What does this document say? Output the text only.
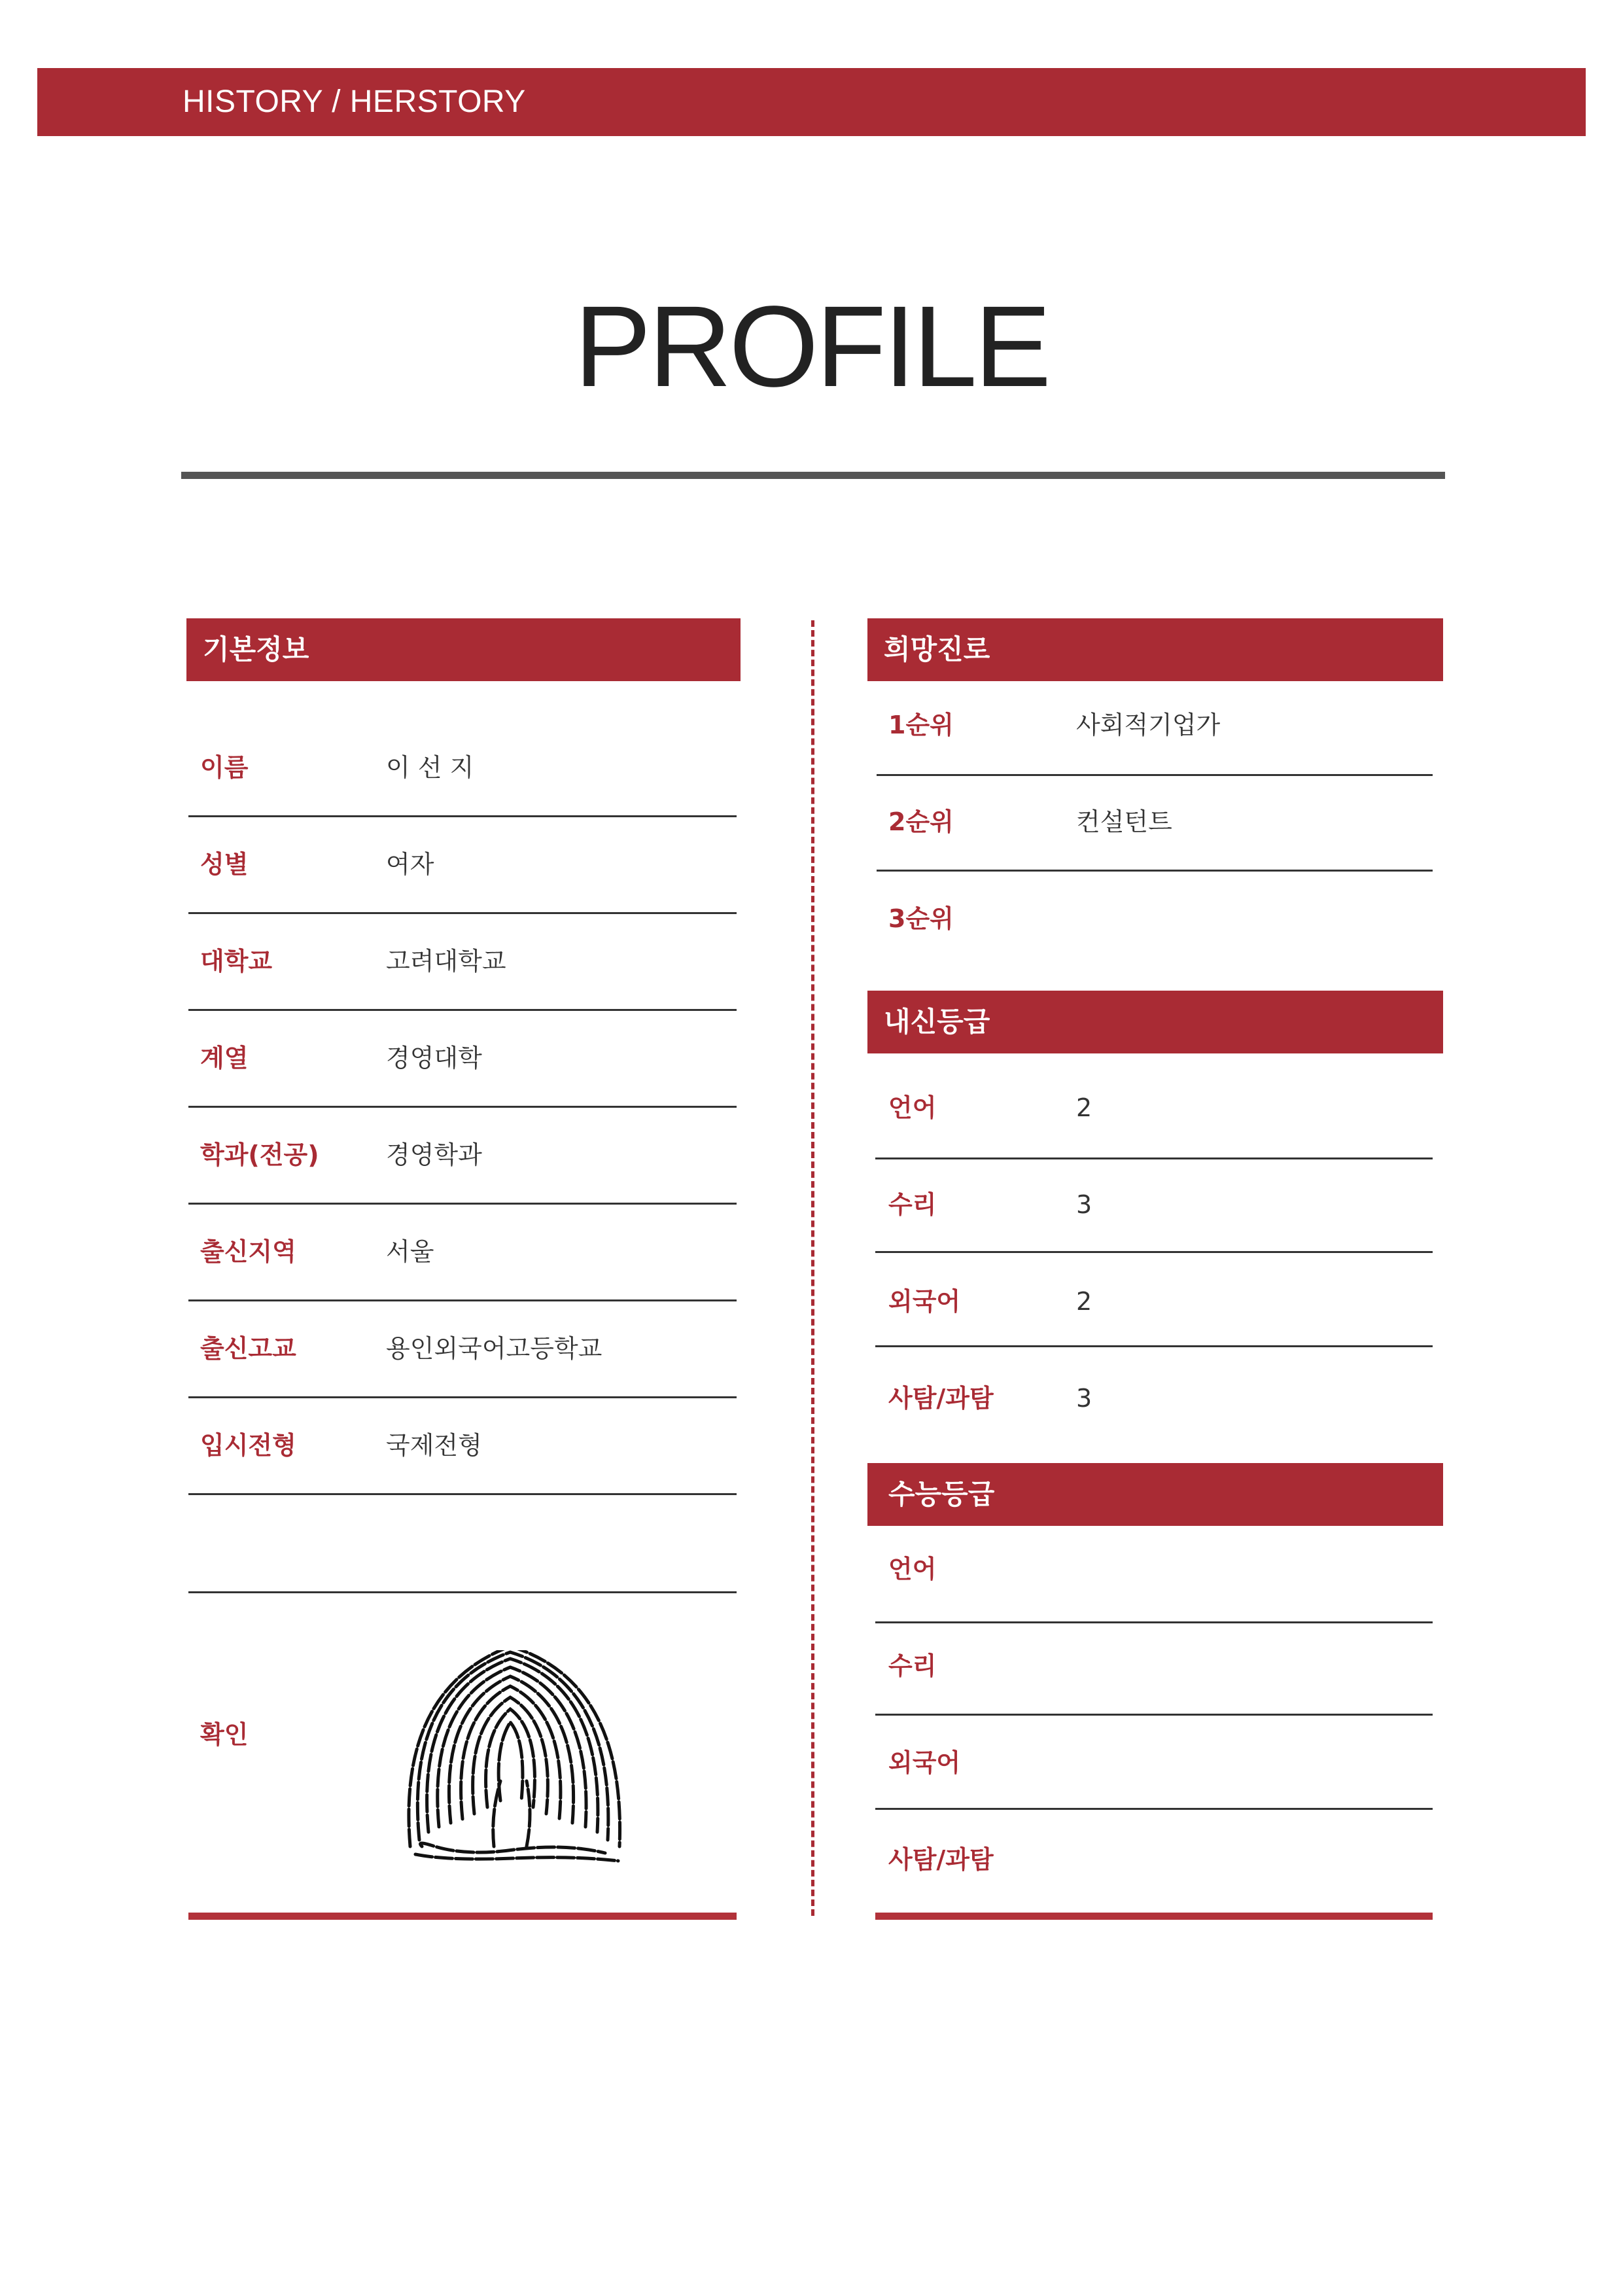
HISTORY / HERSTORY
PROFILE
기본정보
이름	이 선 지
성별	여자
대학교	고려대학교
계열	경영대학
학과(전공)	경영학과
출신지역	서울
출신고교	용인외국어고등학교
입시전형	국제전형
확인
희망진로
1순위	사회적기업가
2순위	컨설턴트
3순위
내신등급
언어	2
수리	3
외국어	2
사탐/과탐	3
수능등급
언어
수리
외국어
사탐/과탐
